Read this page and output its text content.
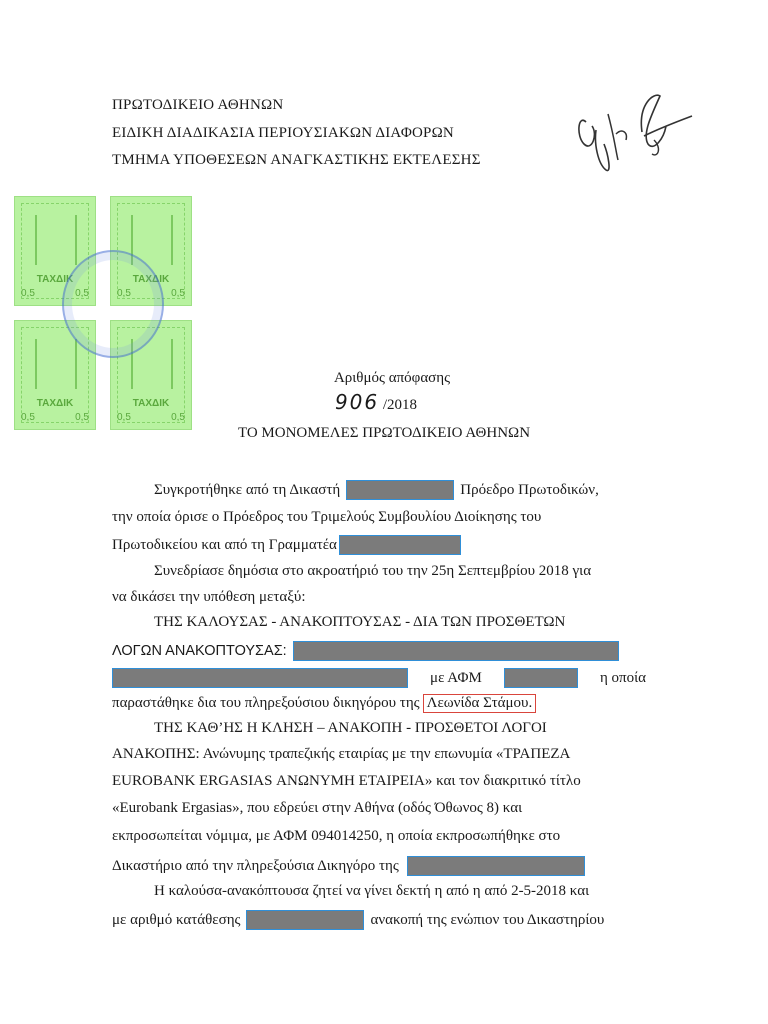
ΠΡΩΤΟΔΙΚΕΙΟ ΑΘΗΝΩΝ
ΕΙΔΙΚΗ ΔΙΑΔΙΚΑΣΙΑ ΠΕΡΙΟΥΣΙΑΚΩΝ ΔΙΑΦΟΡΩΝ
ΤΜΗΜΑ ΥΠΟΘΕΣΕΩΝ ΑΝΑΓΚΑΣΤΙΚΗΣ ΕΚΤΕΛΕΣΗΣ
ΤΑΧΔΙΚ
0,5	0,5
ΤΑΧΔΙΚ
0,5	0,5
ΤΑΧΔΙΚ
0,5	0,5
ΤΑΧΔΙΚ
0,5	0,5
Αριθμός απόφασης
906 /2018
ΤΟ ΜΟΝΟΜΕΛΕΣ ΠΡΩΤΟΔΙΚΕΙΟ ΑΘΗΝΩΝ
Συγκροτήθηκε από τη Δικαστή	Πρόεδρο Πρωτοδικών,
την οποία όρισε ο Πρόεδρος του Τριμελούς Συμβουλίου Διοίκησης του
Πρωτοδικείου και από τη Γραμματέα
Συνεδρίασε δημόσια στο ακροατήριό του την 25η Σεπτεμβρίου 2018 για
να δικάσει την υπόθεση μεταξύ:
ΤΗΣ ΚΑΛΟΥΣΑΣ - ΑΝΑΚΟΠΤΟΥΣΑΣ - ΔΙΑ ΤΩΝ ΠΡΟΣΘΕΤΩΝ
ΛΟΓΩΝ ΑΝΑΚΟΠΤΟΥΣΑΣ:
με ΑΦΜ	η οποία
παραστάθηκε δια του πληρεξούσιου δικηγόρου της Λεωνίδα Στάμου.
ΤΗΣ ΚΑΘ’ΗΣ Η ΚΛΗΣΗ – ΑΝΑΚΟΠΗ - ΠΡΟΣΘΕΤΟΙ ΛΟΓΟΙ
ΑΝΑΚΟΠΗΣ: Ανώνυμης τραπεζικής εταιρίας με την επωνυμία «ΤΡΑΠΕΖΑ
EUROBANK ERGASIAS ΑΝΩΝΥΜΗ ΕΤΑΙΡΕΙΑ» και τον διακριτικό τίτλο
«Eurobank Ergasias», που εδρεύει στην Αθήνα (οδός Όθωνος 8) και
εκπροσωπείται νόμιμα, με ΑΦΜ 094014250, η οποία εκπροσωπήθηκε στο
Δικαστήριο από την πληρεξούσια Δικηγόρο της
Η καλούσα-ανακόπτουσα ζητεί να γίνει δεκτή η από η από 2-5-2018 και
με αριθμό κατάθεσης	ανακοπή της ενώπιον του Δικαστηρίου
